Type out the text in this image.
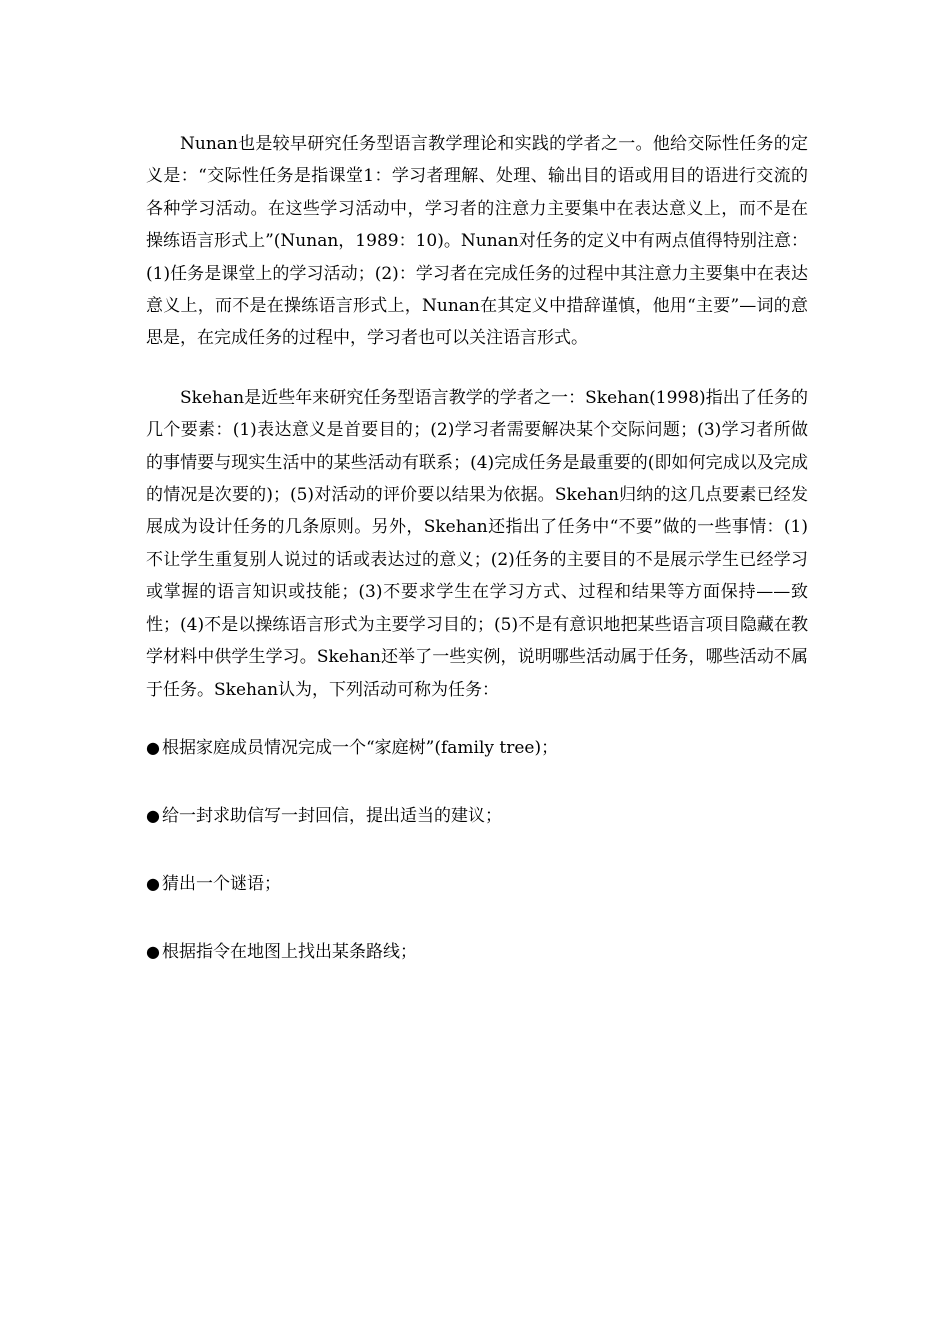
Nunan也是较早研究任务型语言教学理论和实践的学者之一。他给交际性任务的定义是：“交际性任务是指课堂1：学习者理解、处理、输出目的语或用目的语进行交流的各种学习活动。在这些学习活动中，学习者的注意力主要集中在表达意义上，而不是在操练语言形式上”(Nunan，1989：10)。Nunan对任务的定义中有两点值得特别注意：(1)任务是课堂上的学习活动；(2)：学习者在完成任务的过程中其注意力主要集中在表达意义上，而不是在操练语言形式上，Nunan在其定义中措辞谨慎，他用“主要”—词的意思是，在完成任务的过程中，学习者也可以关注语言形式。

Skehan是近些年来研究任务型语言教学的学者之一：Skehan(1998)指出了任务的几个要素：(1)表达意义是首要目的；(2)学习者需要解决某个交际问题；(3)学习者所做的事情要与现实生活中的某些活动有联系；(4)完成任务是最重要的(即如何完成以及完成的情况是次要的)；(5)对活动的评价要以结果为依据。Skehan归纳的这几点要素已经发展成为设计任务的几条原则。另外，Skehan还指出了任务中“不要”做的一些事情：(1)不让学生重复别人说过的话或表达过的意义；(2)任务的主要目的不是展示学生已经学习或掌握的语言知识或技能；(3)不要求学生在学习方式、过程和结果等方面保持——致性；(4)不是以操练语言形式为主要学习目的；(5)不是有意识地把某些语言项目隐藏在教学材料中供学生学习。Skehan还举了一些实例，说明哪些活动属于任务，哪些活动不属于任务。Skehan认为，下列活动可称为任务：

● 根据家庭成员情况完成一个“家庭树”(family tree)；
● 给一封求助信写一封回信，提出适当的建议；
● 猜出一个谜语；
● 根据指令在地图上找出某条路线；
